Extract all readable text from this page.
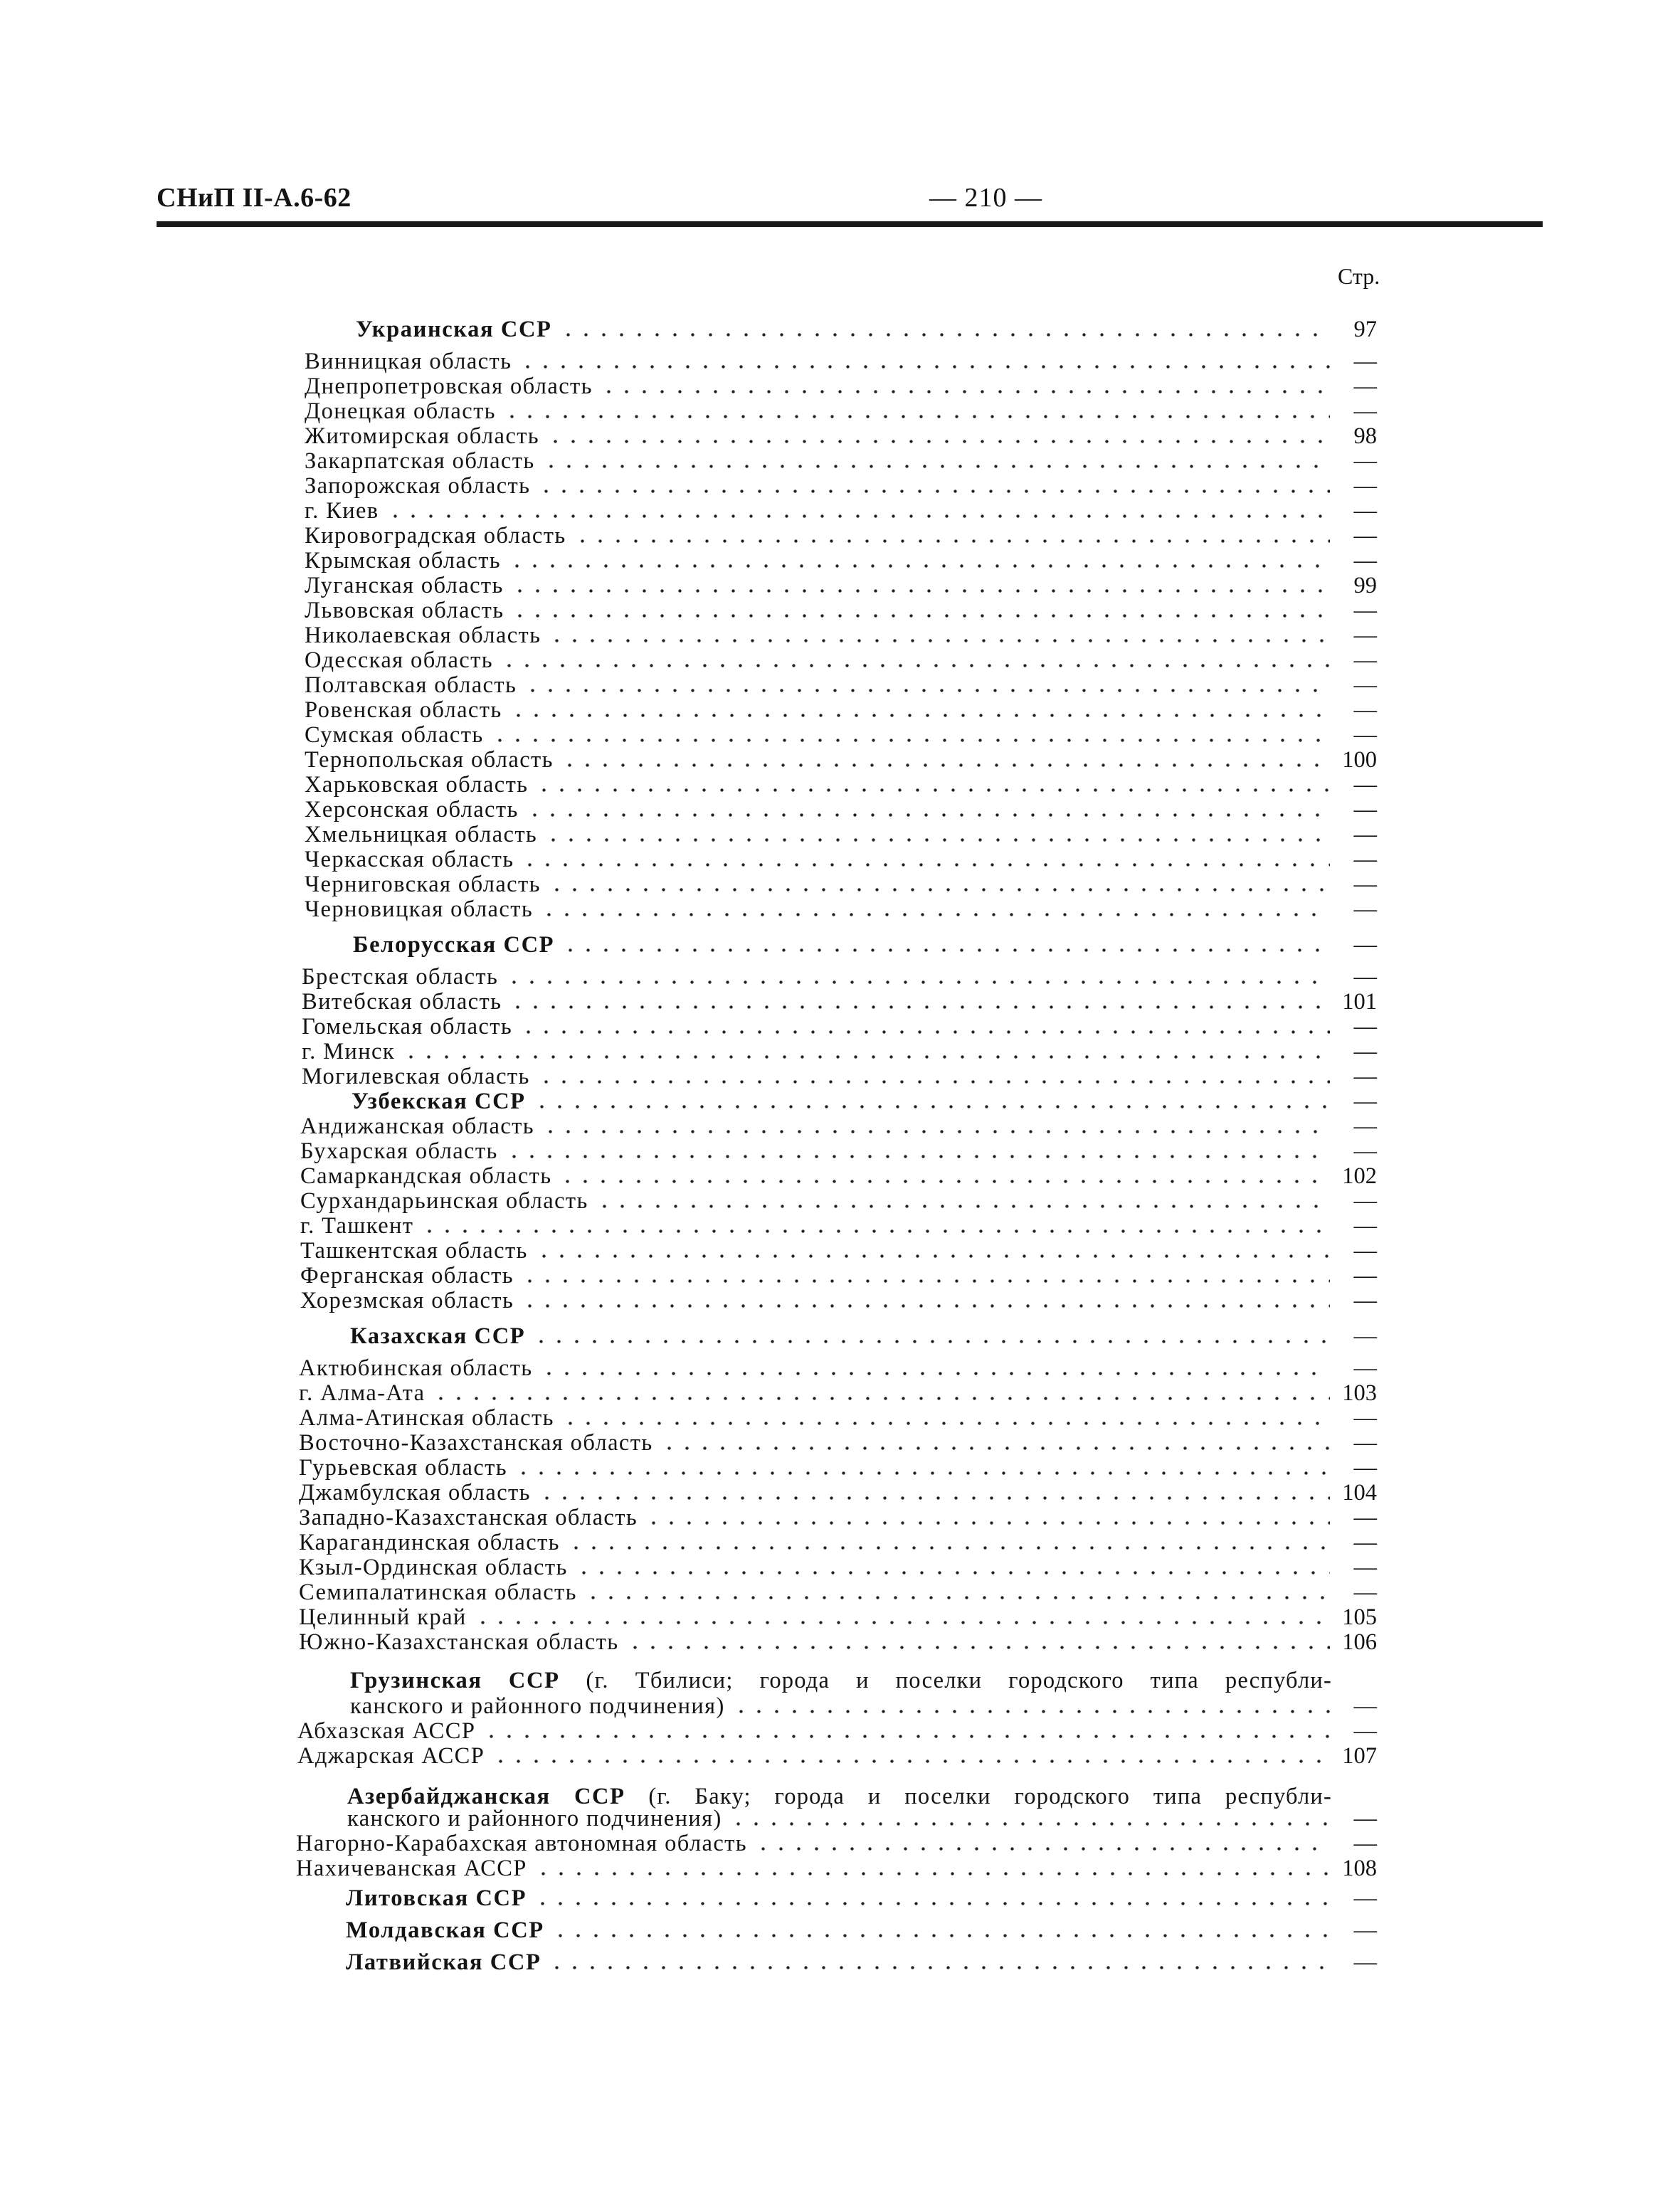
СНиП II-А.6-62	— 210 —
Стр.
Украинская ССР	97
Винницкая область	—
Днепропетровская область	—
Донецкая область	—
Житомирская область	98
Закарпатская область	—
Запорожская область	—
г. Киев	—
Кировоградская область	—
Крымская область	—
Луганская область	99
Львовская область	—
Николаевская область	—
Одесская область	—
Полтавская область	—
Ровенская область	—
Сумская область	—
Тернопольская область	100
Харьковская область	—
Херсонская область	—
Хмельницкая область	—
Черкасская область	—
Черниговская область	—
Черновицкая область	—
Белорусская ССР	—
Брестская область	—
Витебская область	101
Гомельская область	—
г. Минск	—
Могилевская область	—
Узбекская ССР	—
Андижанская область	—
Бухарская область	—
Самаркандская область	102
Сурхандарьинская область	—
г. Ташкент	—
Ташкентская область	—
Ферганская область	—
Хорезмская область	—
Казахская ССР	—
Актюбинская область	—
г. Алма-Ата	103
Алма-Атинская область	—
Восточно-Казахстанская область	—
Гурьевская область	—
Джамбулская область	104
Западно-Казахстанская область	—
Карагандинская область	—
Кзыл-Ординская область	—
Семипалатинская область	—
Целинный край	105
Южно-Казахстанская область	106
Грузинская ССР (г. Тбилиси; города и поселки городского типа республи-
канского и районного подчинения)	—
Абхазская АССР	—
Аджарская АССР	107
Азербайджанская ССР (г. Баку; города и поселки городского типа республи-
канского и районного подчинения)	—
Нагорно-Карабахская автономная область	—
Нахичеванская АССР	108
Литовская ССР	—
Молдавская ССР	—
Латвийская ССР	—
